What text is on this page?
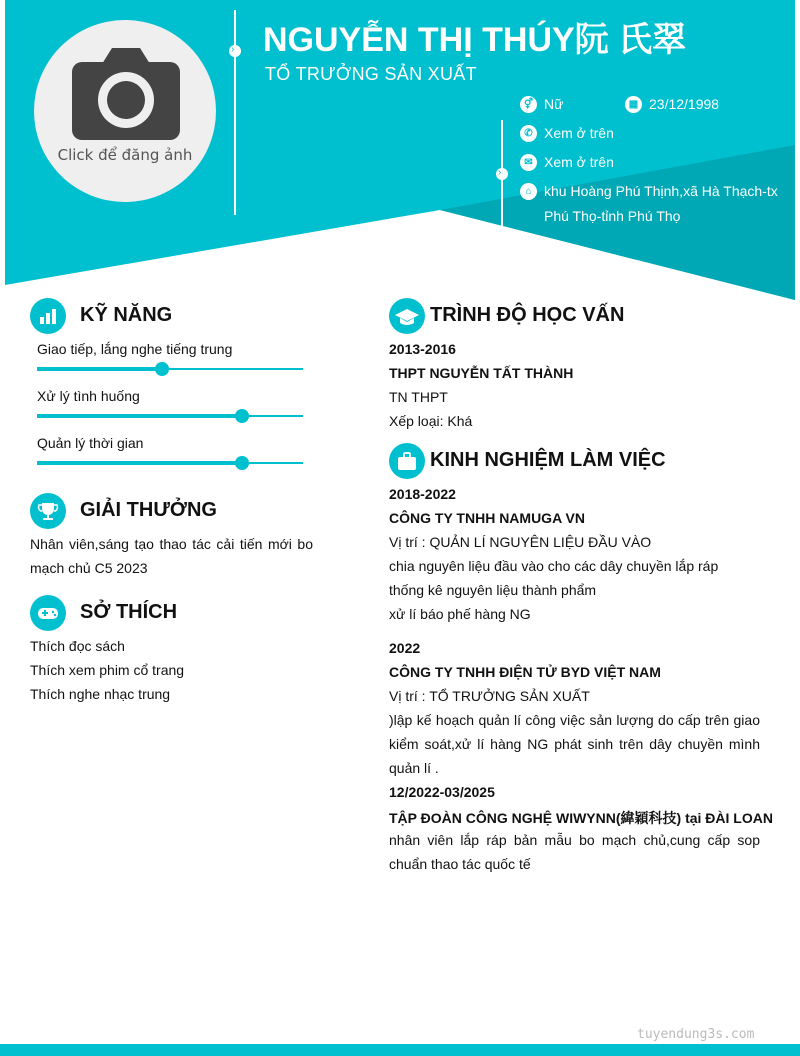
Click để đăng ảnh
›
›
NGUYỄN THỊ THÚY阮 氏翠
TỔ TRƯỞNG SẢN XUẤT
⚥ Nữ	▦ 23/12/1998
✆ Xem ở trên
✉ Xem ở trên
⌂ khu Hoàng Phú Thịnh,xã Hà Thạch-tx
Phú Thọ-tỉnh Phú Thọ
KỸ NĂNG
Giao tiếp, lắng nghe tiếng trung
Xử lý tình huống
Quản lý thời gian
GIẢI THƯỞNG
Nhân viên,sáng tạo thao tác cải tiến mới bo
mạch chủ C5 2023
SỞ THÍCH
Thích đọc sách
Thích xem phim cổ trang
Thích nghe nhạc trung
TRÌNH ĐỘ HỌC VẤN
2013-2016
THPT NGUYỄN TẤT THÀNH
TN THPT
Xếp loại: Khá
KINH NGHIỆM LÀM VIỆC
2018-2022
CÔNG TY TNHH NAMUGA VN
Vị trí : QUẢN LÍ NGUYÊN LIỆU ĐẦU VÀO
chia nguyên liệu đầu vào cho các dây chuyền lắp ráp
thống kê nguyên liệu thành phẩm
xử lí báo phế hàng NG
2022
CÔNG TY TNHH ĐIỆN TỬ BYD VIỆT NAM
Vị trí : TỔ TRƯỞNG SẢN XUẤT
)lập kế hoạch quản lí công việc sản lượng do cấp trên giao
kiểm soát,xử lí hàng NG phát sinh trên dây chuyền mình
quản lí .
12/2022-03/2025
TẬP ĐOÀN CÔNG NGHỆ WIWYNN(緯穎科技) tại ĐÀI LOAN
nhân viên lắp ráp bản mẫu bo mạch chủ,cung cấp sop
chuẩn thao tác quốc tế
tuyendung3s.com
